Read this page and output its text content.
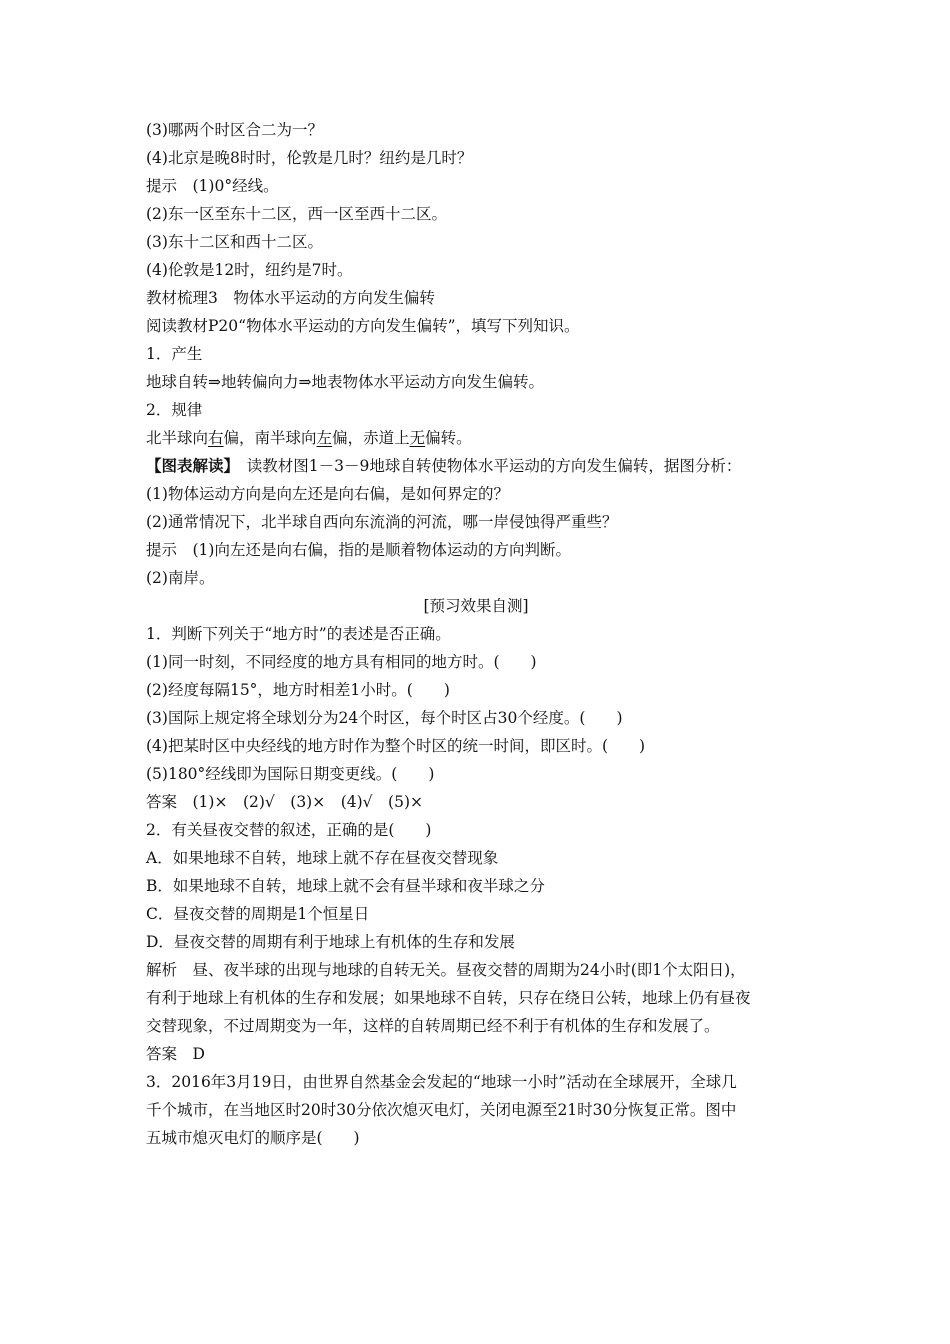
(3)哪两个时区合二为一？
(4)北京是晚8时时，伦敦是几时？纽约是几时？
提示　(1)0°经线。
(2)东一区至东十二区，西一区至西十二区。
(3)东十二区和西十二区。
(4)伦敦是12时，纽约是7时。
教材梳理3　物体水平运动的方向发生偏转
阅读教材P20“物体水平运动的方向发生偏转”，填写下列知识。
1．产生
地球自转⇒地转偏向力⇒地表物体水平运动方向发生偏转。
2．规律
北半球向右偏，南半球向左偏，赤道上无偏转。
【图表解读】　读教材图1－3－9地球自转使物体水平运动的方向发生偏转，据图分析：
(1)物体运动方向是向左还是向右偏，是如何界定的？
(2)通常情况下，北半球自西向东流淌的河流，哪一岸侵蚀得严重些？
提示　(1)向左还是向右偏，指的是顺着物体运动的方向判断。
(2)南岸。
[预习效果自测]
1．判断下列关于“地方时”的表述是否正确。
(1)同一时刻，不同经度的地方具有相同的地方时。(　　)
(2)经度每隔15°，地方时相差1小时。(　　)
(3)国际上规定将全球划分为24个时区，每个时区占30个经度。(　　)
(4)把某时区中央经线的地方时作为整个时区的统一时间，即区时。(　　)
(5)180°经线即为国际日期变更线。(　　)
答案　(1)×　(2)√　(3)×　(4)√　(5)×
2．有关昼夜交替的叙述，正确的是(　　)
A．如果地球不自转，地球上就不存在昼夜交替现象
B．如果地球不自转，地球上就不会有昼半球和夜半球之分
C．昼夜交替的周期是1个恒星日
D．昼夜交替的周期有利于地球上有机体的生存和发展
解析　昼、夜半球的出现与地球的自转无关。昼夜交替的周期为24小时(即1个太阳日)，
有利于地球上有机体的生存和发展；如果地球不自转，只存在绕日公转，地球上仍有昼夜
交替现象，不过周期变为一年，这样的自转周期已经不利于有机体的生存和发展了。
答案　D
3．2016年3月19日，由世界自然基金会发起的“地球一小时”活动在全球展开，全球几
千个城市，在当地区时20时30分依次熄灭电灯，关闭电源至21时30分恢复正常。图中
五城市熄灭电灯的顺序是(　　)
